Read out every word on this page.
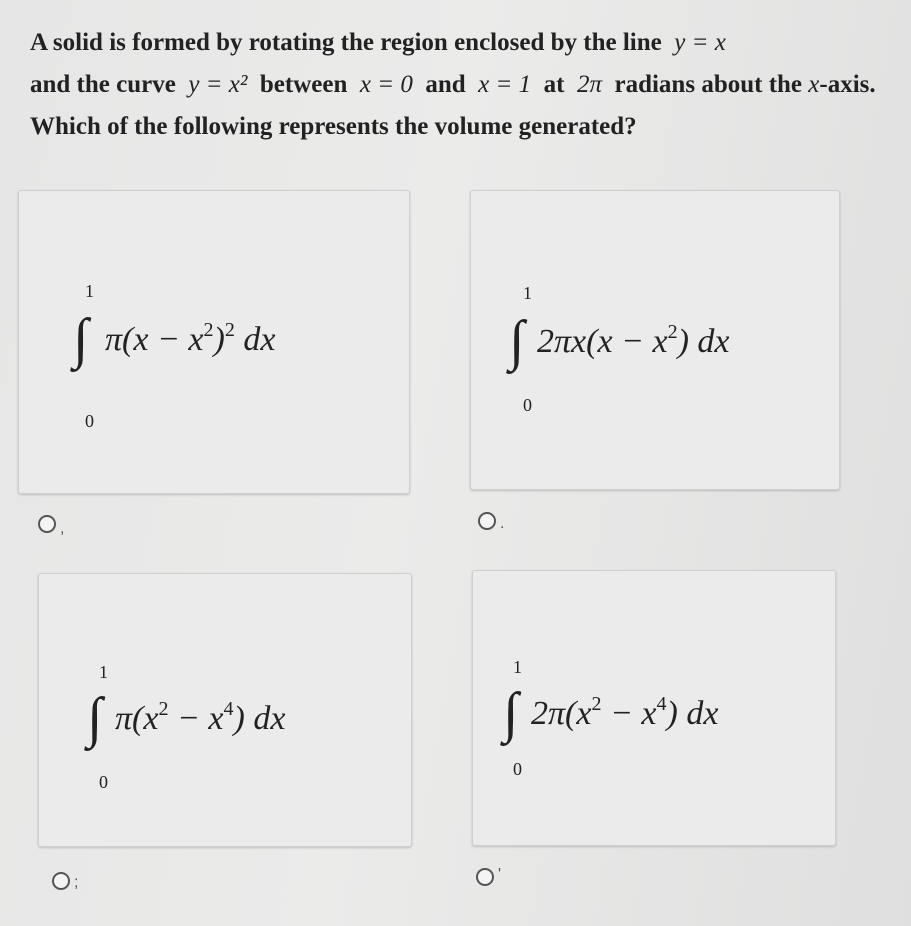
A solid is formed by rotating the region enclosed by the line y = x
and the curve y = x² between x = 0 and x = 1 at 2π radians about the x-axis.
Which of the following represents the volume generated?
1
∫
0
$\pi(x - x^2)^2$ dx
,
1
∫
0
$2\pi x(x - x^2)$ dx
.
1
∫
0
$\pi(x^2 - x^4)$ dx
;
1
∫
0
$2\pi(x^2 - x^4)$ dx
'
